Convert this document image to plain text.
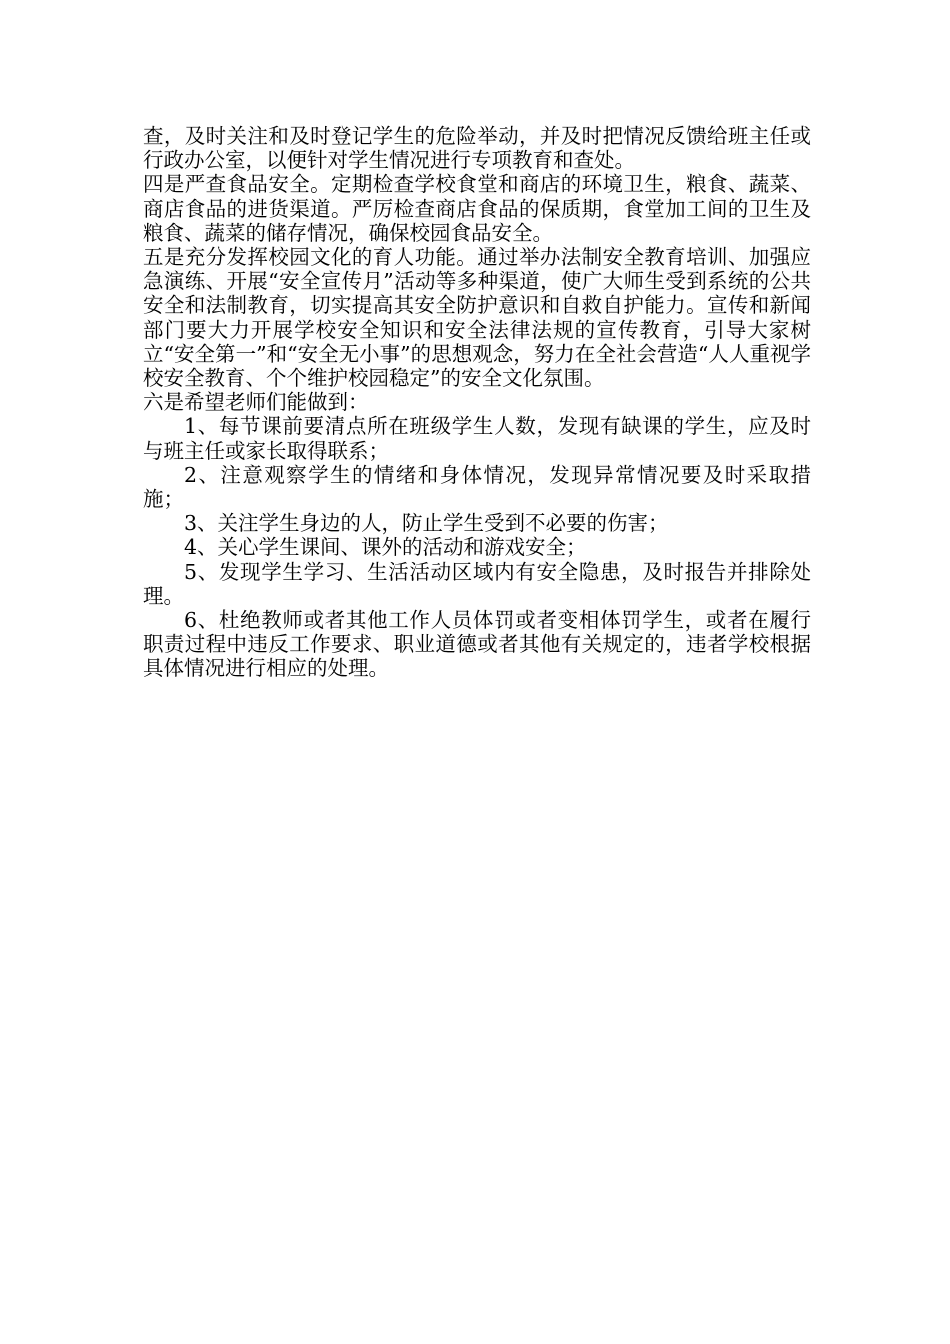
查，及时关注和及时登记学生的危险举动，并及时把情况反馈给班主任或行政办公室，以便针对学生情况进行专项教育和查处。

四是严查食品安全。定期检查学校食堂和商店的环境卫生，粮食、蔬菜、商店食品的进货渠道。严厉检查商店食品的保质期，食堂加工间的卫生及粮食、蔬菜的储存情况，确保校园食品安全。

五是充分发挥校园文化的育人功能。通过举办法制安全教育培训、加强应急演练、开展“安全宣传月”活动等多种渠道，使广大师生受到系统的公共安全和法制教育，切实提高其安全防护意识和自救自护能力。宣传和新闻部门要大力开展学校安全知识和安全法律法规的宣传教育，引导大家树立“安全第一”和“安全无小事”的思想观念，努力在全社会营造“人人重视学校安全教育、个个维护校园稳定”的安全文化氛围。

六是希望老师们能做到：

1、每节课前要清点所在班级学生人数，发现有缺课的学生，应及时与班主任或家长取得联系；

2、注意观察学生的情绪和身体情况，发现异常情况要及时采取措施；

3、关注学生身边的人，防止学生受到不必要的伤害；

4、关心学生课间、课外的活动和游戏安全；

5、发现学生学习、生活活动区域内有安全隐患，及时报告并排除处理。

6、杜绝教师或者其他工作人员体罚或者变相体罚学生，或者在履行职责过程中违反工作要求、职业道德或者其他有关规定的，违者学校根据具体情况进行相应的处理。
